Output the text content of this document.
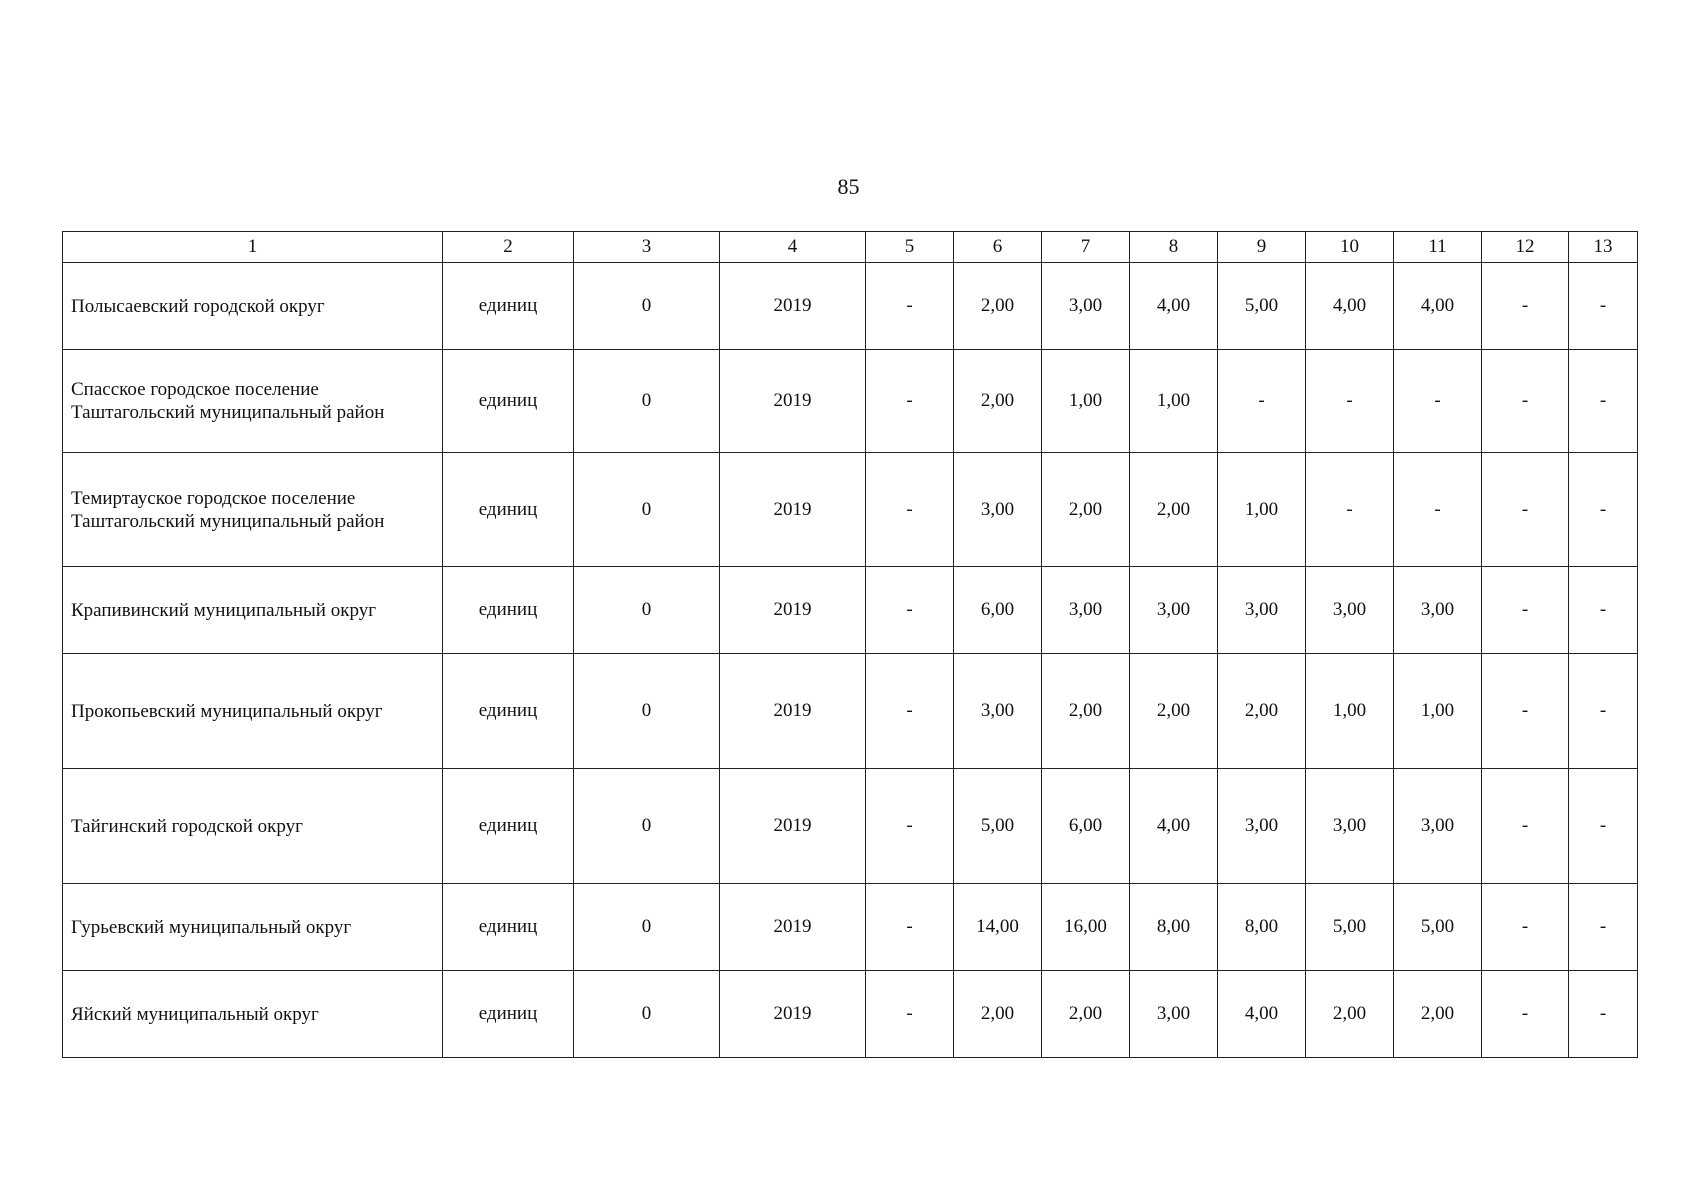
85
1	2	3	4	5	6	7	8	9	10	11	12	13

Полысаевский городской округ	единиц	0	2019	-	2,00	3,00	4,00	5,00	4,00	4,00	-	-

Спасское городское поселение
Таштагольский муниципальный район	единиц	0	2019	-	2,00	1,00	1,00	-	-	-	-	-

Темиртауское городское поселение
Таштагольский муниципальный район	единиц	0	2019	-	3,00	2,00	2,00	1,00	-	-	-	-

Крапивинский муниципальный округ	единиц	0	2019	-	6,00	3,00	3,00	3,00	3,00	3,00	-	-

Прокопьевский муниципальный округ	единиц	0	2019	-	3,00	2,00	2,00	2,00	1,00	1,00	-	-

Тайгинский городской округ	единиц	0	2019	-	5,00	6,00	4,00	3,00	3,00	3,00	-	-

Гурьевский муниципальный округ	единиц	0	2019	-	14,00	16,00	8,00	8,00	5,00	5,00	-	-

Яйский муниципальный округ	единиц	0	2019	-	2,00	2,00	3,00	4,00	2,00	2,00	-	-
